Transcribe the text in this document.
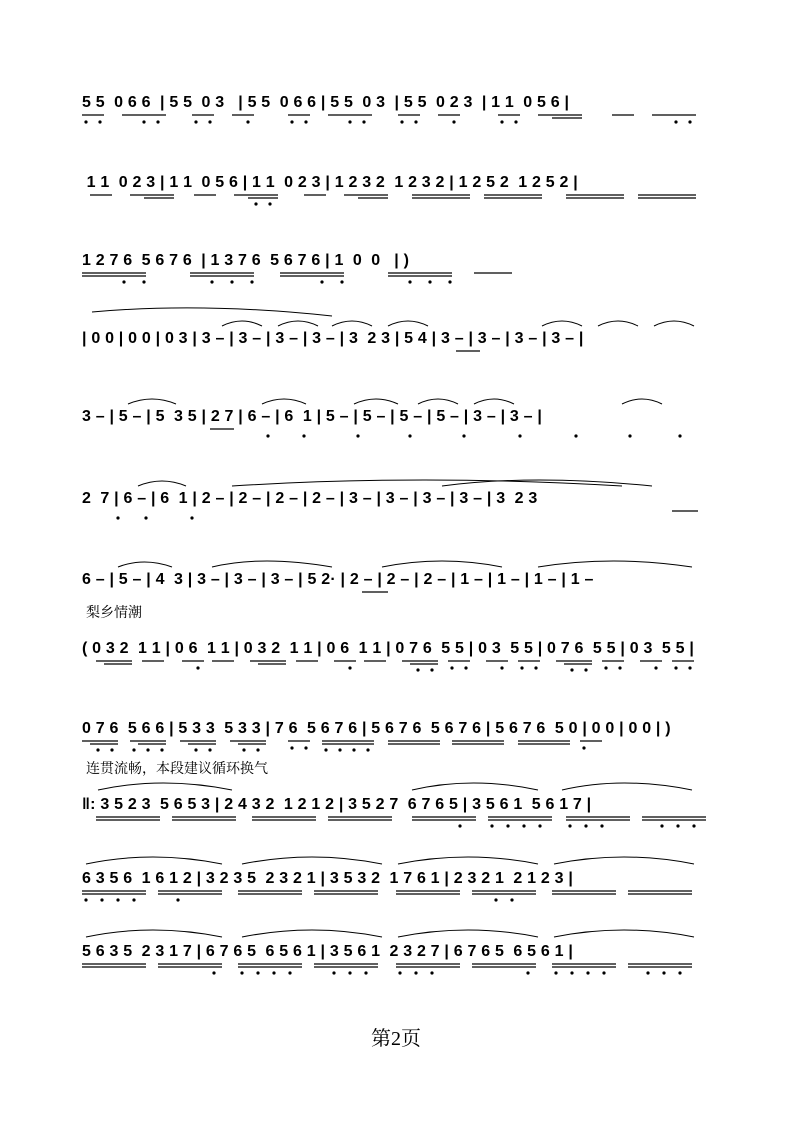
5 5  0 6 6  | 5 5  0 3   | 5 5  0 6 6 | 5 5  0 3  | 5 5  0 2 3  | 1 1  0 5 6 |
1 1  0 2 3 | 1 1  0 5 6 | 1 1  0 2 3 | 1 2 3 2  1 2 3 2 | 1 2 5 2  1 2 5 2 |
1 2 7 6  5 6 7 6  | 1 3 7 6  5 6 7 6 | 1  0  0   | )
| 0 0 | 0 0 | 0 3 | 3 – | 3 – | 3 – | 3 – | 3  2 3 | 5 4 | 3 – | 3 – | 3 – | 3 – |
3 – | 5 – | 5  3 5 | 2 7 | 6 – | 6  1 | 5 – | 5 – | 5 – | 5 – | 3 – | 3 – |
2  7 | 6 – | 6  1 | 2 – | 2 – | 2 – | 2 – | 3 – | 3 – | 3 – | 3 – | 3  2 3
6 – | 5 – | 4  3 | 3 – | 3 – | 3 – | 5 2· | 2 – | 2 – | 2 – | 1 – | 1 – | 1 – | 1 –
梨乡情潮
( 0 3 2  1 1 | 0 6  1 1 | 0 3 2  1 1 | 0 6  1 1 | 0 7 6  5 5 | 0 3  5 5 | 0 7 6  5 5 | 0 3  5 5 |
连贯流畅，本段建议循环换气
0 7 6  5 6 6 | 5 3 3  5 3 3 | 7 6  5 6 7 6 | 5 6 7 6  5 6 7 6 | 5 6 7 6  5 0 | 0 0 | 0 0 | )
‖: 3 5 2 3  5 6 5 3 | 2 4 3 2  1 2 1 2 | 3 5 2 7  6 7 6 5 | 3 5 6 1  5 6 1 7 |
6 3 5 6  1 6 1 2 | 3 2 3 5  2 3 2 1 | 3 5 3 2  1 7 6 1 | 2 3 2 1  2 1 2 3 |
5 6 3 5  2 3 1 7 | 6 7 6 5  6 5 6 1 | 3 5 6 1  2 3 2 7 | 6 7 6 5  6 5 6 1 |
第2页
